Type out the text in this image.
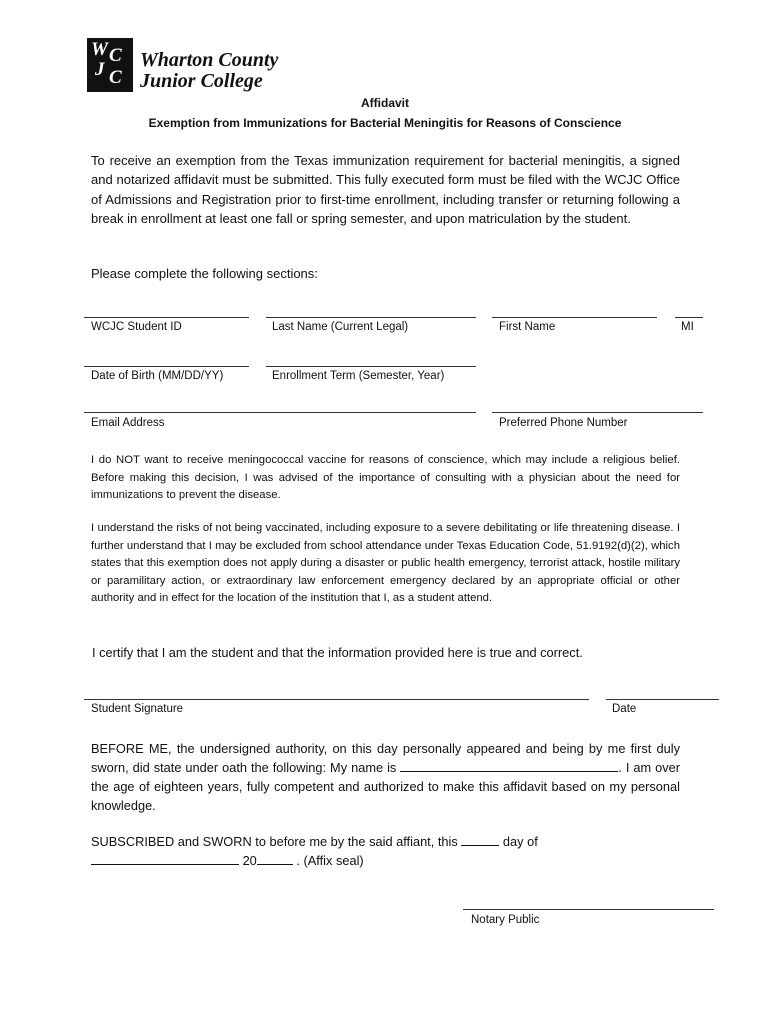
W C
J C
Wharton County
Junior College
Affidavit
Exemption from Immunizations for Bacterial Meningitis for Reasons of Conscience
To receive an exemption from the Texas immunization requirement for bacterial meningitis, a signed and notarized affidavit must be submitted. This fully executed form must be filed with the WCJC Office of Admissions and Registration prior to first-time enrollment, including transfer or returning following a break in enrollment at least one fall or spring semester, and upon matriculation by the student.
Please complete the following sections:
WCJC Student ID	Last Name (Current Legal)	First Name	MI
Date of Birth (MM/DD/YY)	Enrollment Term (Semester, Year)
Email Address	Preferred Phone Number
I do NOT want to receive meningococcal vaccine for reasons of conscience, which may include a religious belief. Before making this decision, I was advised of the importance of consulting with a physician about the need for immunizations to prevent the disease.
I understand the risks of not being vaccinated, including exposure to a severe debilitating or life threatening disease. I further understand that I may be excluded from school attendance under Texas Education Code, 51.9192(d)(2), which states that this exemption does not apply during a disaster or public health emergency, terrorist attack, hostile military or paramilitary action, or extraordinary law enforcement emergency declared by an appropriate official or other authority and in effect for the location of the institution that I, as a student attend.
I certify that I am the student and that the information provided here is true and correct.
Student Signature	Date
BEFORE ME, the undersigned authority, on this day personally appeared and being by me first duly sworn, did state under oath the following: My name is	. I am over the age of eighteen years, fully competent and authorized to make this affidavit based on my personal knowledge.
SUBSCRIBED and SWORN to before me by the said affiant, this	day of
20	. (Affix seal)
Notary Public
